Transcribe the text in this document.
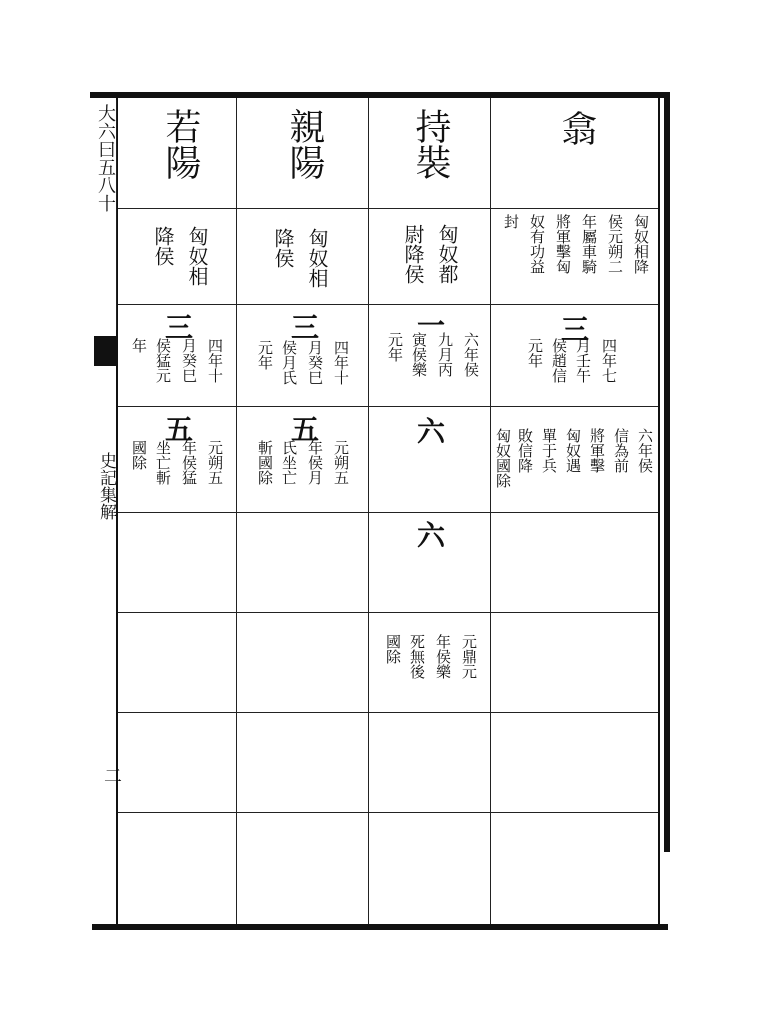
大六曰五八十
史記集解
二
翕
匈奴相降
侯元朔二
年屬車騎
將軍擊匈
奴有功益
封
三
四年七
月壬午
侯趙信
元年
六年侯
信為前
將軍擊
匈奴遇
單于兵
敗信降
匈奴國除
持裝
匈奴都
尉降侯
一
六年侯
九月丙
寅侯樂
元年
六
六
元鼎元
年侯樂
死無後
國除
親陽
匈奴相
降侯
三
四年十
月癸巳
侯月氏
元年
五
元朔五
年侯月
氏坐亡
斬國除
若陽
匈奴相
降侯
三
四年十
月癸巳
侯猛元
年
五
元朔五
年侯猛
坐亡斬
國除
